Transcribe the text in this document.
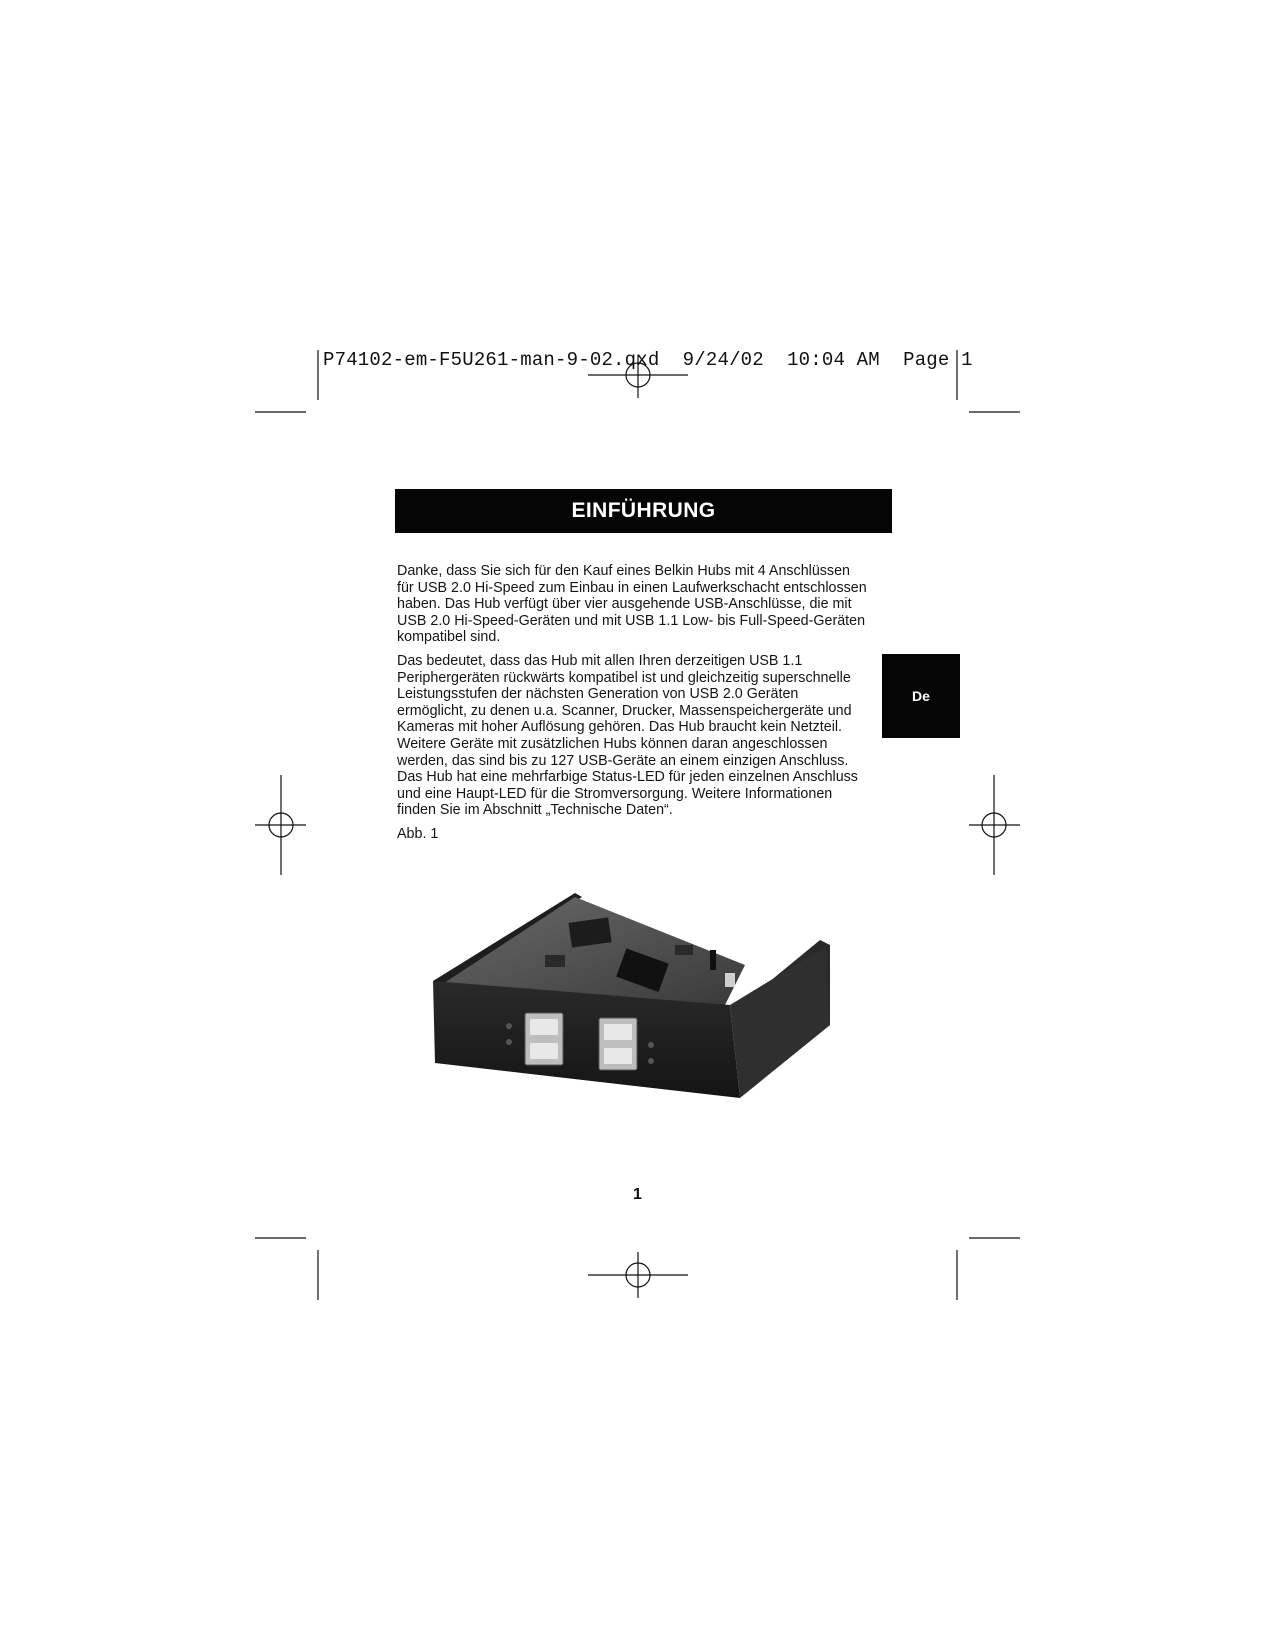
P74102-em-F5U261-man-9-02.qxd  9/24/02  10:04 AM  Page 1
EINFÜHRUNG
De

Danke, dass Sie sich für den Kauf eines Belkin Hubs mit 4 Anschlüssen für USB 2.0 Hi-Speed zum Einbau in einen Laufwerkschacht entschlossen haben. Das Hub verfügt über vier ausgehende USB-Anschlüsse, die mit USB 2.0 Hi-Speed-Geräten und mit USB 1.1 Low- bis Full-Speed-Geräten kompatibel sind.

Das bedeutet, dass das Hub mit allen Ihren derzeitigen USB 1.1 Periphergeräten rückwärts kompatibel ist und gleichzeitig superschnelle Leistungsstufen der nächsten Generation von USB 2.0 Geräten ermöglicht, zu denen u.a. Scanner, Drucker, Massenspeichergeräte und Kameras mit hoher Auflösung gehören. Das Hub braucht kein Netzteil. Weitere Geräte mit zusätzlichen Hubs können daran angeschlossen werden, das sind bis zu 127 USB-Geräte an einem einzigen Anschluss. Das Hub hat eine mehrfarbige Status-LED für jeden einzelnen Anschluss und eine Haupt-LED für die Stromversorgung. Weitere Informationen finden Sie im Abschnitt „Technische Daten“.

Abb. 1

1
